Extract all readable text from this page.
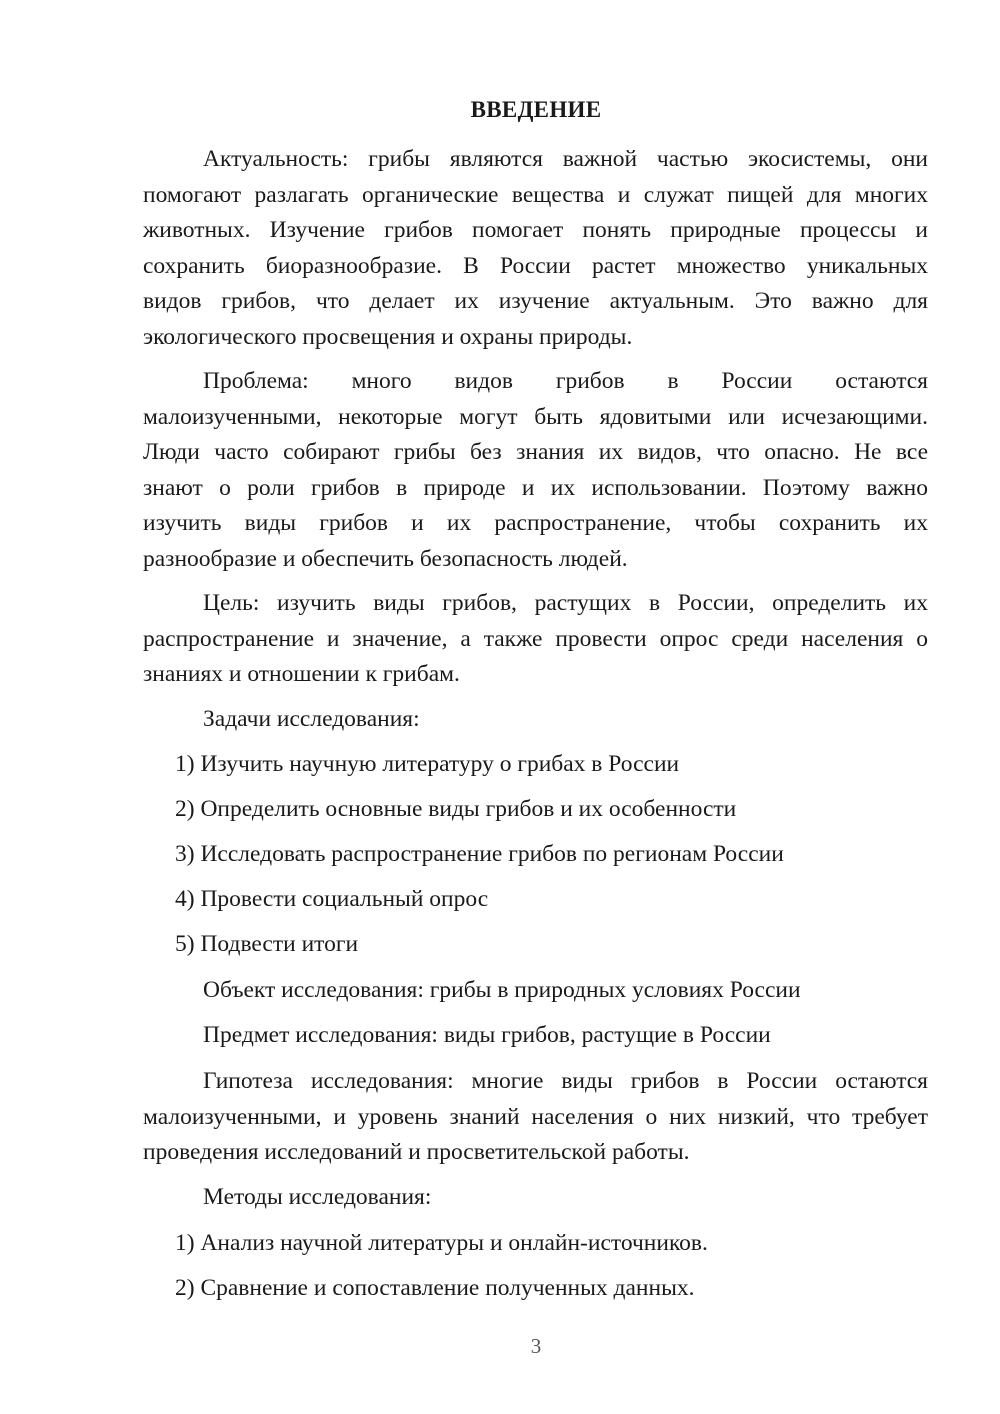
ВВЕДЕНИЕ
Актуальность: грибы являются важной частью экосистемы, они
помогают разлагать органические вещества и служат пищей для многих
животных. Изучение грибов помогает понять природные процессы и
сохранить биоразнообразие. В России растет множество уникальных
видов грибов, что делает их изучение актуальным. Это важно для
экологического просвещения и охраны природы.
Проблема: много видов грибов в России остаются
малоизученными, некоторые могут быть ядовитыми или исчезающими.
Люди часто собирают грибы без знания их видов, что опасно. Не все
знают о роли грибов в природе и их использовании. Поэтому важно
изучить виды грибов и их распространение, чтобы сохранить их
разнообразие и обеспечить безопасность людей.
Цель: изучить виды грибов, растущих в России, определить их
распространение и значение, а также провести опрос среди населения о
знаниях и отношении к грибам.
Задачи исследования:
1) Изучить научную литературу о грибах в России
2) Определить основные виды грибов и их особенности
3) Исследовать распространение грибов по регионам России
4) Провести социальный опрос
5) Подвести итоги
Объект исследования: грибы в природных условиях России
Предмет исследования: виды грибов, растущие в России
Гипотеза исследования: многие виды грибов в России остаются
малоизученными, и уровень знаний населения о них низкий, что требует
проведения исследований и просветительской работы.
Методы исследования:
1) Анализ научной литературы и онлайн-источников.
2) Сравнение и сопоставление полученных данных.
3
